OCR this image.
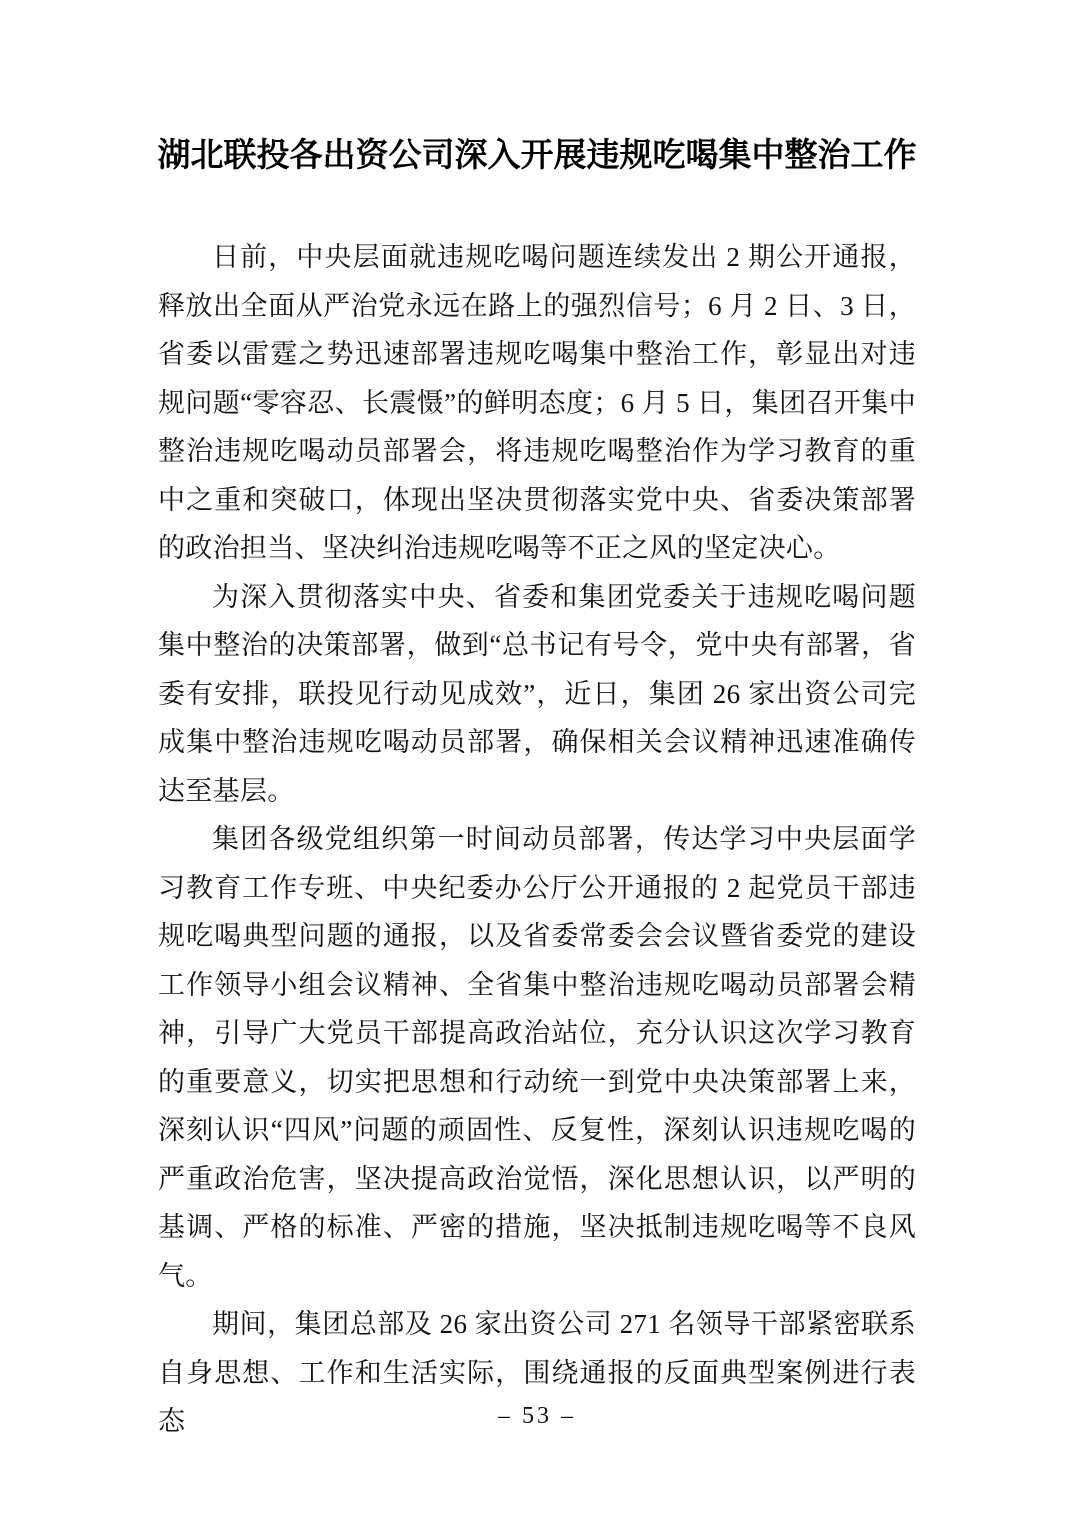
湖北联投各出资公司深入开展违规吃喝集中整治工作

日前，中央层面就违规吃喝问题连续发出 2 期公开通报，释放出全面从严治党永远在路上的强烈信号；6 月 2 日、3 日，省委以雷霆之势迅速部署违规吃喝集中整治工作，彰显出对违规问题“零容忍、长震慑”的鲜明态度；6 月 5 日，集团召开集中整治违规吃喝动员部署会，将违规吃喝整治作为学习教育的重中之重和突破口，体现出坚决贯彻落实党中央、省委决策部署的政治担当、坚决纠治违规吃喝等不正之风的坚定决心。

为深入贯彻落实中央、省委和集团党委关于违规吃喝问题集中整治的决策部署，做到“总书记有号令，党中央有部署，省委有安排，联投见行动见成效”，近日，集团 26 家出资公司完成集中整治违规吃喝动员部署，确保相关会议精神迅速准确传达至基层。

集团各级党组织第一时间动员部署，传达学习中央层面学习教育工作专班、中央纪委办公厅公开通报的 2 起党员干部违规吃喝典型问题的通报，以及省委常委会会议暨省委党的建设工作领导小组会议精神、全省集中整治违规吃喝动员部署会精神，引导广大党员干部提高政治站位，充分认识这次学习教育的重要意义，切实把思想和行动统一到党中央决策部署上来，深刻认识“四风”问题的顽固性、反复性，深刻认识违规吃喝的严重政治危害，坚决提高政治觉悟，深化思想认识，以严明的基调、严格的标准、严密的措施，坚决抵制违规吃喝等不良风气。

期间，集团总部及 26 家出资公司 271 名领导干部紧密联系自身思想、工作和生活实际，围绕通报的反面典型案例进行表态	– 53 –
